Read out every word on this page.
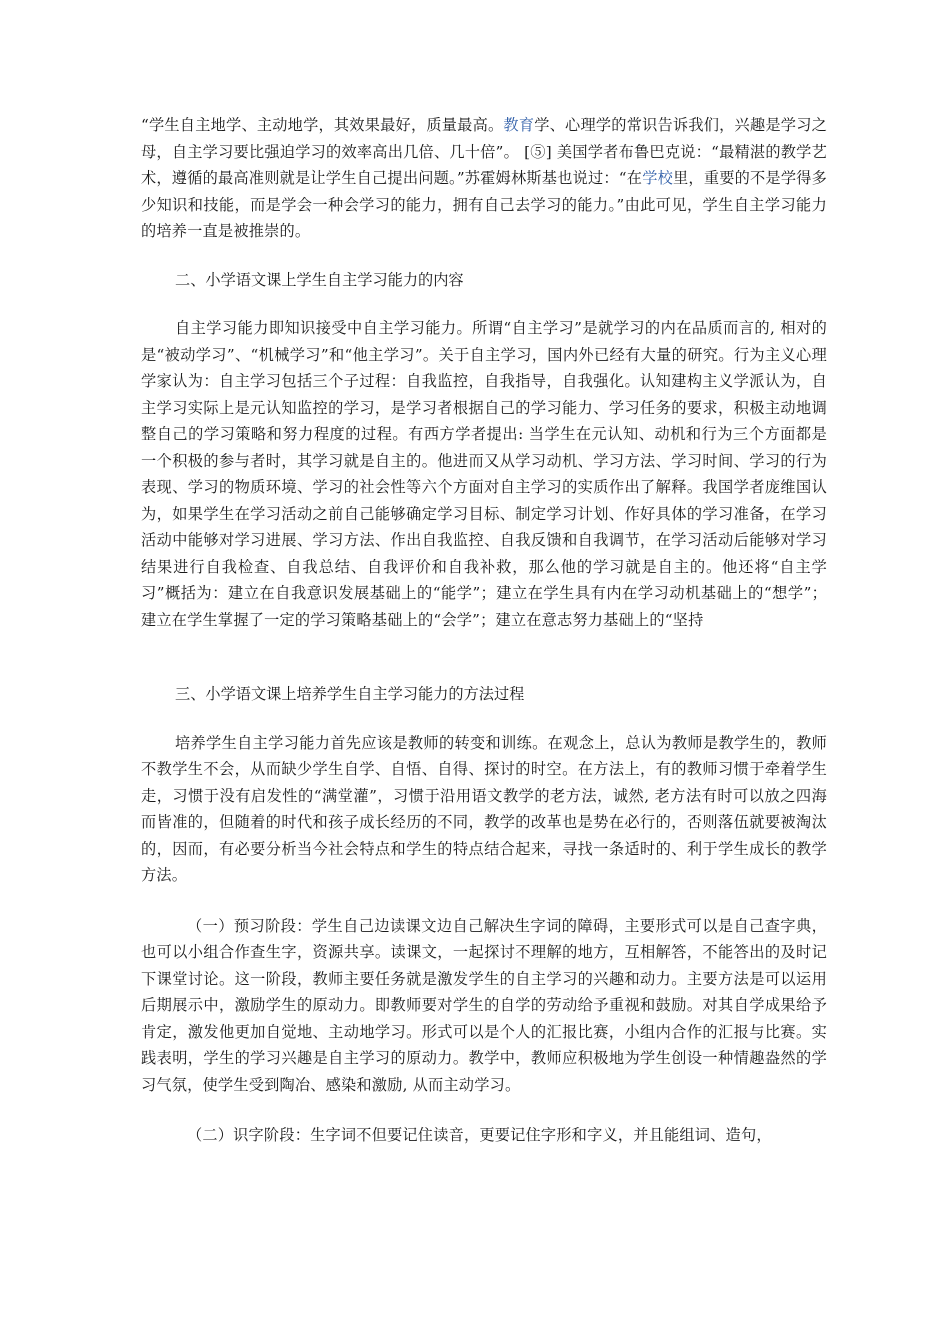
“学生自主地学、主动地学，其效果最好，质量最高。教育学、心理学的常识告诉我们，兴趣是学习之母，自主学习要比强迫学习的效率高出几倍、几十倍”。 [⑤] 美国学者布鲁巴克说：“最精湛的教学艺术，遵循的最高准则就是让学生自己提出问题。”苏霍姆林斯基也说过：“在学校里，重要的不是学得多少知识和技能，而是学会一种会学习的能力，拥有自己去学习的能力。”由此可见，学生自主学习能力的培养一直是被推崇的。

二、小学语文课上学生自主学习能力的内容

自主学习能力即知识接受中自主学习能力。所谓“自主学习”是就学习的内在品质而言的, 相对的是“被动学习”、“机械学习”和“他主学习”。关于自主学习，国内外已经有大量的研究。行为主义心理学家认为：自主学习包括三个子过程：自我监控，自我指导，自我强化。认知建构主义学派认为，自主学习实际上是元认知监控的学习，是学习者根据自己的学习能力、学习任务的要求，积极主动地调整自己的学习策略和努力程度的过程。有西方学者提出: 当学生在元认知、动机和行为三个方面都是一个积极的参与者时，其学习就是自主的。他进而又从学习动机、学习方法、学习时间、学习的行为表现、学习的物质环境、学习的社会性等六个方面对自主学习的实质作出了解释。我国学者庞维国认为，如果学生在学习活动之前自己能够确定学习目标、制定学习计划、作好具体的学习准备，在学习活动中能够对学习进展、学习方法、作出自我监控、自我反馈和自我调节，在学习活动后能够对学习结果进行自我检查、自我总结、自我评价和自我补救，那么他的学习就是自主的。他还将“自主学习”概括为：建立在自我意识发展基础上的“能学”；建立在学生具有内在学习动机基础上的“想学”；建立在学生掌握了一定的学习策略基础上的“会学”；建立在意志努力基础上的“坚持

三、小学语文课上培养学生自主学习能力的方法过程

培养学生自主学习能力首先应该是教师的转变和训练。在观念上，总认为教师是教学生的，教师不教学生不会，从而缺少学生自学、自悟、自得、探讨的时空。在方法上，有的教师习惯于牵着学生走，习惯于没有启发性的“满堂灌”，习惯于沿用语文教学的老方法，诚然, 老方法有时可以放之四海而皆准的，但随着的时代和孩子成长经历的不同，教学的改革也是势在必行的，否则落伍就要被淘汰的，因而，有必要分析当今社会特点和学生的特点结合起来，寻找一条适时的、利于学生成长的教学方法。

（一）预习阶段：学生自己边读课文边自己解决生字词的障碍，主要形式可以是自己查字典，也可以小组合作查生字，资源共享。读课文，一起探讨不理解的地方，互相解答，不能答出的及时记下课堂讨论。这一阶段，教师主要任务就是激发学生的自主学习的兴趣和动力。主要方法是可以运用后期展示中，激励学生的原动力。即教师要对学生的自学的劳动给予重视和鼓励。对其自学成果给予肯定，激发他更加自觉地、主动地学习。形式可以是个人的汇报比赛，小组内合作的汇报与比赛。实践表明，学生的学习兴趣是自主学习的原动力。教学中，教师应积极地为学生创设一种情趣盎然的学习气氛，使学生受到陶冶、感染和激励, 从而主动学习。

（二）识字阶段：生字词不但要记住读音，更要记住字形和字义，并且能组词、造句，
